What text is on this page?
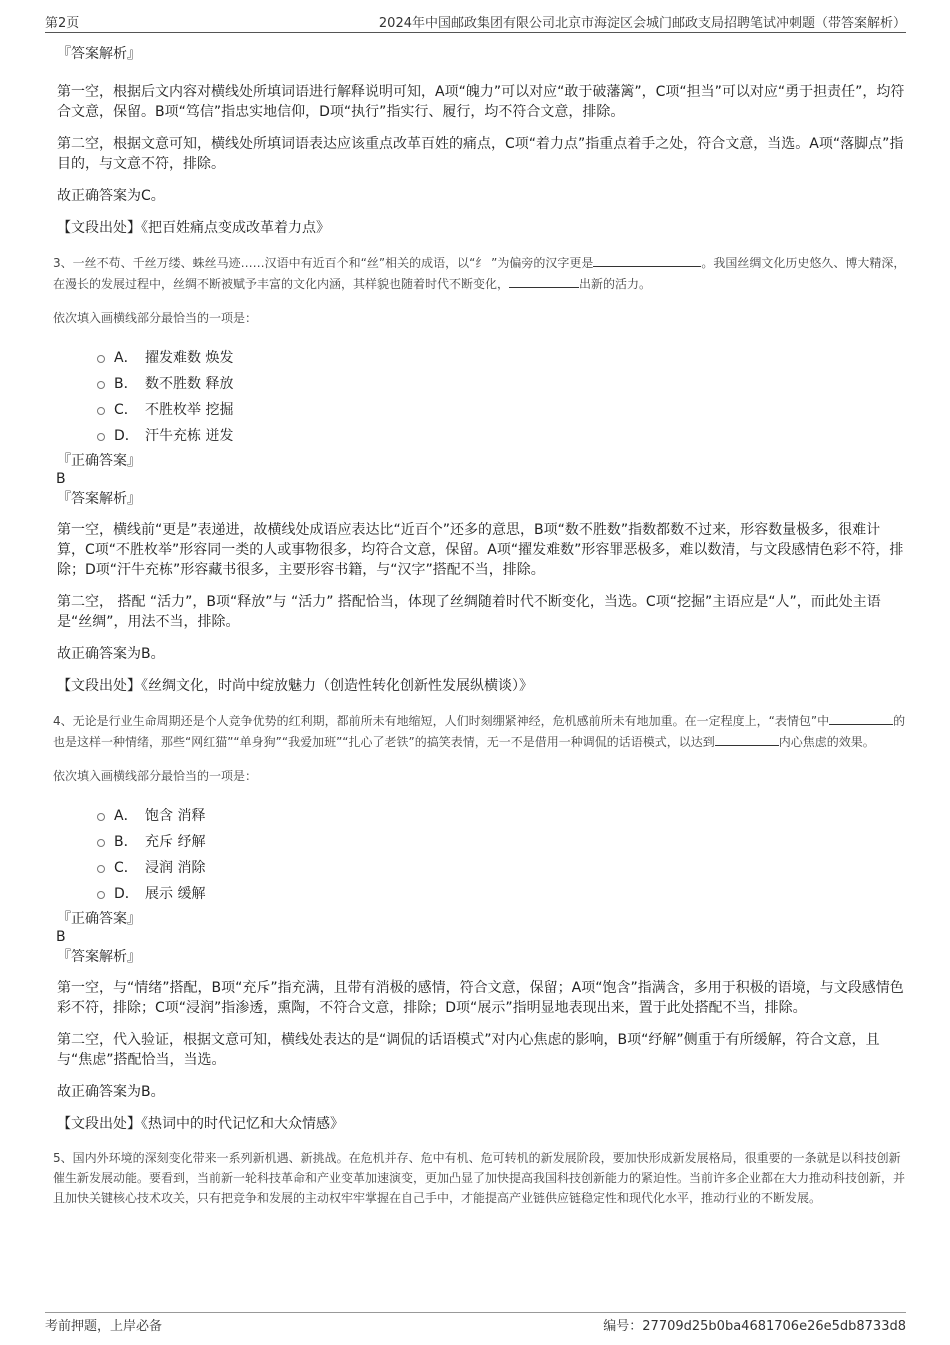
第2页	2024年中国邮政集团有限公司北京市海淀区会城门邮政支局招聘笔试冲刺题（带答案解析）
『答案解析』

第一空，根据后文内容对横线处所填词语进行解释说明可知，A项“魄力”可以对应“敢于破藩篱”，C项“担当”可以对应“勇于担责任”，均符合文意，保留。B项“笃信”指忠实地信仰，D项“执行”指实行、履行，均不符合文意，排除。

第二空，根据文意可知，横线处所填词语表达应该重点改革百姓的痛点，C项“着力点”指重点着手之处，符合文意，当选。A项“落脚点”指目的，与文意不符，排除。

故正确答案为C。

【文段出处】《把百姓痛点变成改革着力点》

3、一丝不苟、千丝万缕、蛛丝马迹……汉语中有近百个和“丝”相关的成语，以“纟 ”为偏旁的汉字更是	。我国丝绸文化历史悠久、博大精深，在漫长的发展过程中，丝绸不断被赋予丰富的文化内涵，其样貌也随着时代不断变化，	出新的活力。

依次填入画横线部分最恰当的一项是：

A． 擢发难数 焕发
B． 数不胜数 释放
C． 不胜枚举 挖掘
D． 汗牛充栋 迸发
『正确答案』
B
『答案解析』

第一空，横线前“更是”表递进，故横线处成语应表达比“近百个”还多的意思，B项“数不胜数”指数都数不过来，形容数量极多，很难计算，C项“不胜枚举”形容同一类的人或事物很多，均符合文意，保留。A项“擢发难数”形容罪恶极多，难以数清，与文段感情色彩不符，排除；D项“汗牛充栋”形容藏书很多，主要形容书籍，与“汉字”搭配不当，排除。

第二空， 搭配 “活力”，B项“释放”与 “活力” 搭配恰当，体现了丝绸随着时代不断变化，当选。C项“挖掘”主语应是“人”，而此处主语是“丝绸”，用法不当，排除。

故正确答案为B。

【文段出处】《丝绸文化，时尚中绽放魅力（创造性转化创新性发展纵横谈）》

4、无论是行业生命周期还是个人竞争优势的红利期，都前所未有地缩短，人们时刻绷紧神经，危机感前所未有地加重。在一定程度上，“表情包”中	的也是这样一种情绪，那些“网红猫”“单身狗”“我爱加班”“扎心了老铁”的搞笑表情，无一不是借用一种调侃的话语模式，以达到	内心焦虑的效果。

依次填入画横线部分最恰当的一项是：

A． 饱含 消释
B． 充斥 纾解
C． 浸润 消除
D． 展示 缓解
『正确答案』
B
『答案解析』

第一空，与“情绪”搭配，B项“充斥”指充满，且带有消极的感情，符合文意，保留；A项“饱含”指满含，多用于积极的语境，与文段感情色彩不符，排除；C项“浸润”指渗透，熏陶，不符合文意，排除；D项“展示”指明显地表现出来，置于此处搭配不当，排除。

第二空，代入验证，根据文意可知，横线处表达的是“调侃的话语模式”对内心焦虑的影响，B项“纾解”侧重于有所缓解，符合文意，且与“焦虑”搭配恰当，当选。

故正确答案为B。

【文段出处】《热词中的时代记忆和大众情感》

5、国内外环境的深刻变化带来一系列新机遇、新挑战。在危机并存、危中有机、危可转机的新发展阶段，要加快形成新发展格局，很重要的一条就是以科技创新催生新发展动能。要看到，当前新一轮科技革命和产业变革加速演变，更加凸显了加快提高我国科技创新能力的紧迫性。当前许多企业都在大力推动科技创新，并且加快关键核心技术攻关，只有把竞争和发展的主动权牢牢掌握在自己手中，才能提高产业链供应链稳定性和现代化水平，推动行业的不断发展。

考前押题，上岸必备	编号：27709d25b0ba4681706e26e5db8733d8
